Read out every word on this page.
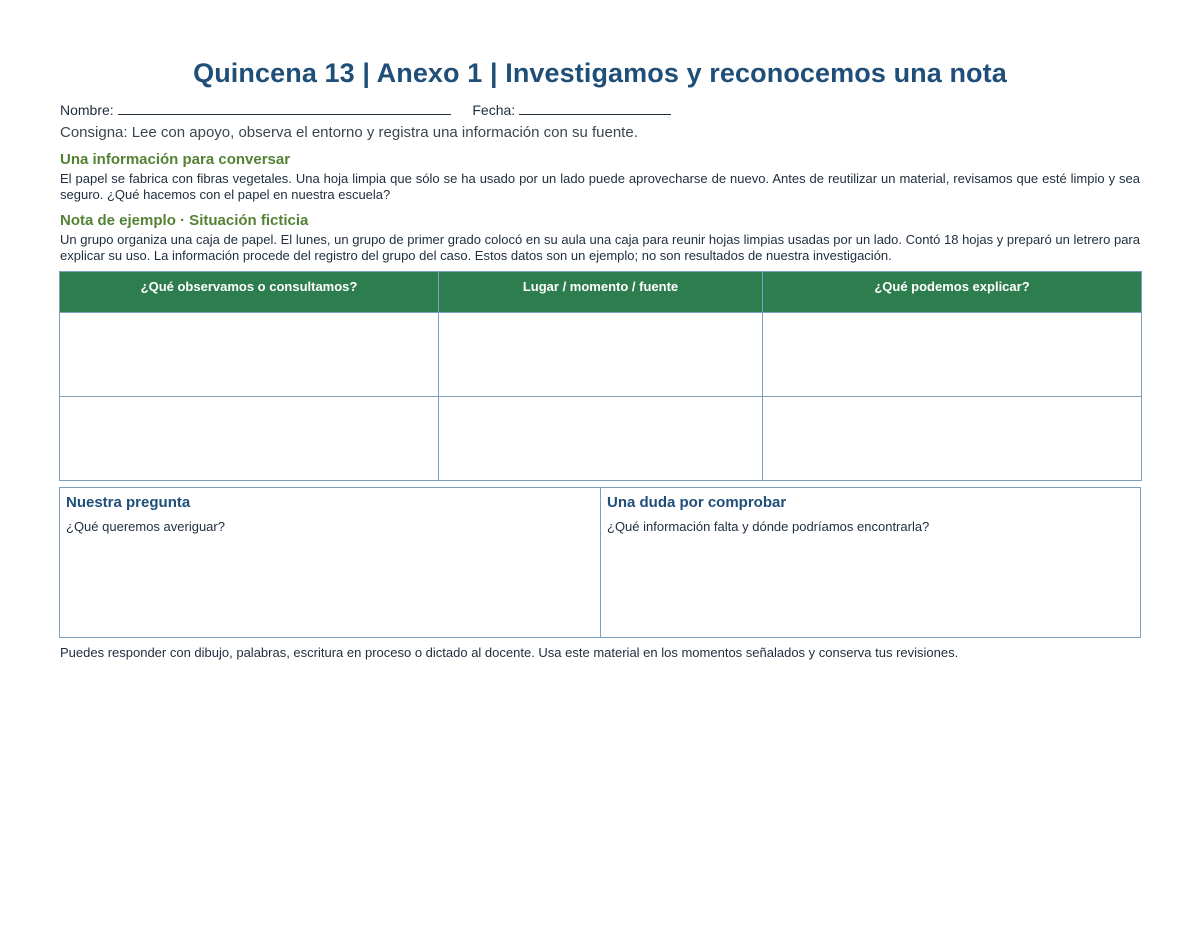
Quincena 13 | Anexo 1 | Investigamos y reconocemos una nota
Nombre:	Fecha:
Consigna: Lee con apoyo, observa el entorno y registra una información con su fuente.
Una información para conversar
El papel se fabrica con fibras vegetales. Una hoja limpia que sólo se ha usado por un lado puede aprovecharse de nuevo. Antes de reutilizar un material, revisamos que esté limpio y sea seguro. ¿Qué hacemos con el papel en nuestra escuela?
Nota de ejemplo · Situación ficticia
Un grupo organiza una caja de papel. El lunes, un grupo de primer grado colocó en su aula una caja para reunir hojas limpias usadas por un lado. Contó 18 hojas y preparó un letrero para explicar su uso. La información procede del registro del grupo del caso. Estos datos son un ejemplo; no son resultados de nuestra investigación.
¿Qué observamos o consultamos?	Lugar / momento / fuente	¿Qué podemos explicar?

Nuestra pregunta
¿Qué queremos averiguar?
Una duda por comprobar
¿Qué información falta y dónde podríamos encontrarla?
Puedes responder con dibujo, palabras, escritura en proceso o dictado al docente. Usa este material en los momentos señalados y conserva tus revisiones.
